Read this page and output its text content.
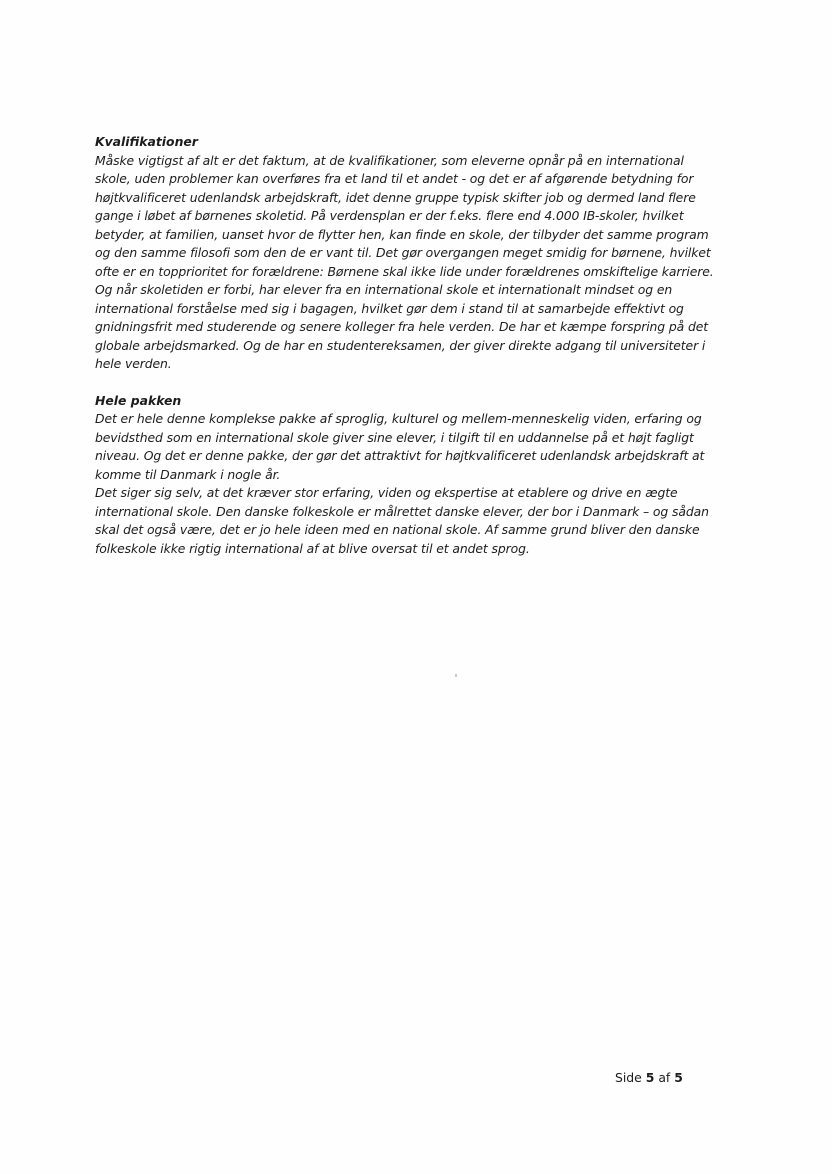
Kvalifikationer

Måske vigtigst af alt er det faktum, at de kvalifikationer, som eleverne opnår på en international
skole, uden problemer kan overføres fra et land til et andet - og det er af afgørende betydning for
højtkvalificeret udenlandsk arbejdskraft, idet denne gruppe typisk skifter job og dermed land flere
gange i løbet af børnenes skoletid. På verdensplan er der f.eks. flere end 4.000 IB-skoler, hvilket
betyder, at familien, uanset hvor de flytter hen, kan finde en skole, der tilbyder det samme program
og den samme filosofi som den de er vant til. Det gør overgangen meget smidig for børnene, hvilket
ofte er en topprioritet for forældrene: Børnene skal ikke lide under forældrenes omskiftelige karriere.
Og når skoletiden er forbi, har elever fra en international skole et internationalt mindset og en
international forståelse med sig i bagagen, hvilket gør dem i stand til at samarbejde effektivt og
gnidningsfrit med studerende og senere kolleger fra hele verden. De har et kæmpe forspring på det
globale arbejdsmarked. Og de har en studentereksamen, der giver direkte adgang til universiteter i
hele verden.

Hele pakken

Det er hele denne komplekse pakke af sproglig, kulturel og mellem-menneskelig viden, erfaring og
bevidsthed som en international skole giver sine elever, i tilgift til en uddannelse på et højt fagligt
niveau. Og det er denne pakke, der gør det attraktivt for højtkvalificeret udenlandsk arbejdskraft at
komme til Danmark i nogle år.

Det siger sig selv, at det kræver stor erfaring, viden og ekspertise at etablere og drive en ægte
international skole. Den danske folkeskole er målrettet danske elever, der bor i Danmark – og sådan
skal det også være, det er jo hele ideen med en national skole. Af samme grund bliver den danske
folkeskole ikke rigtig international af at blive oversat til et andet sprog.

Side 5 af 5
